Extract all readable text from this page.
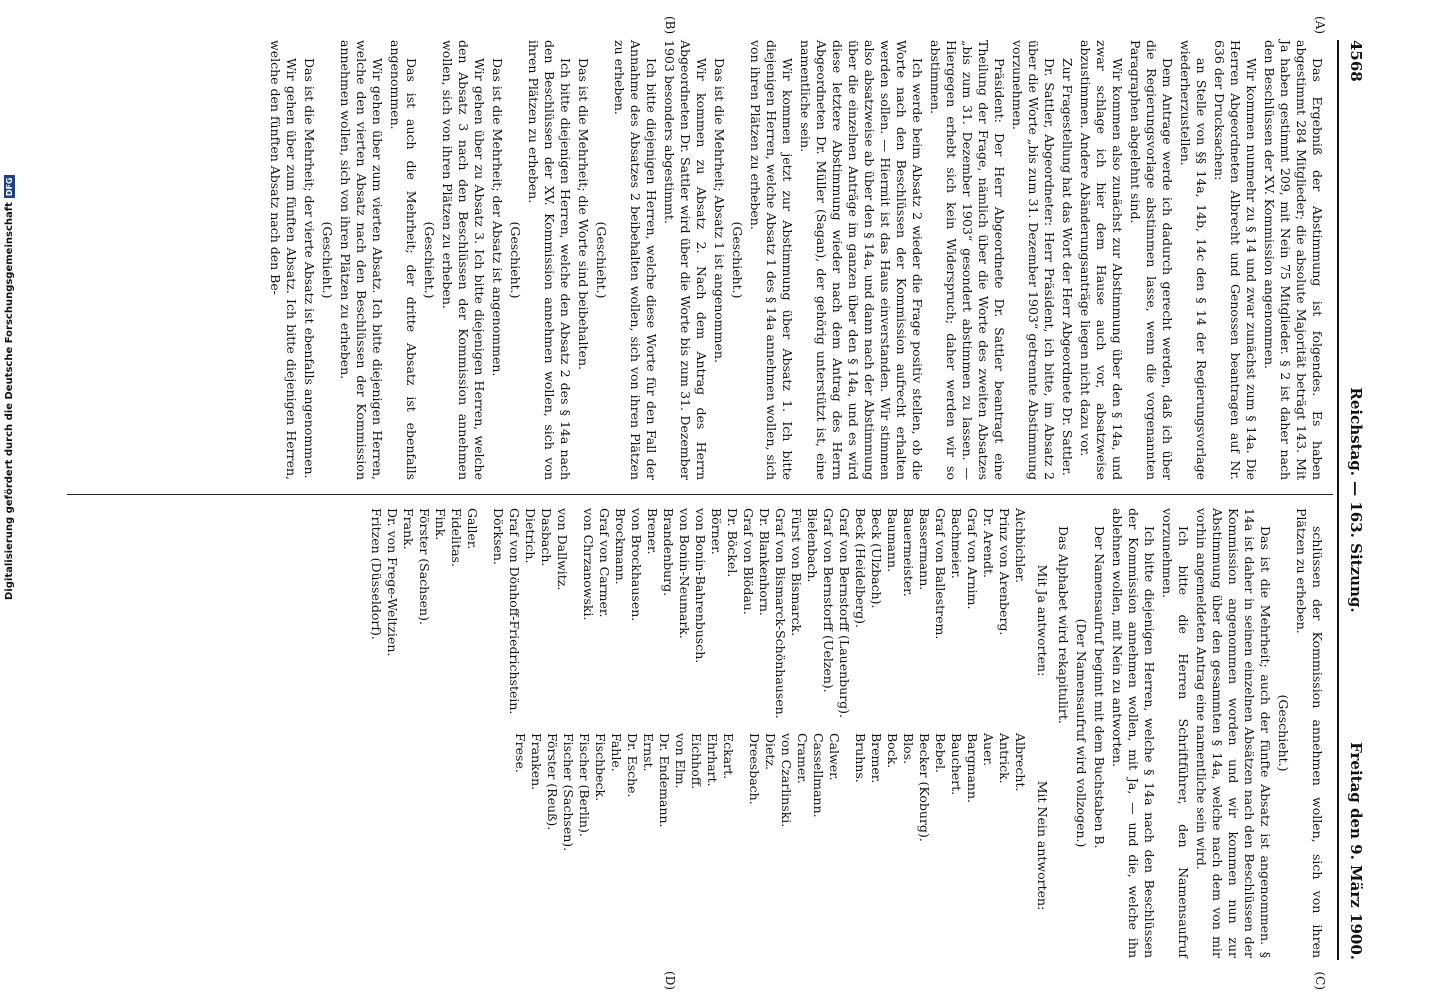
4568
Reichstag. — 163. Sitzung.
Freitag den 9. März 1900.
(A)
(B)
(C)
(D)
Das Ergebniß der Abstimmung ist folgendes. Es haben abgestimmt 284 Mitglieder; die absolute Majorität beträgt 143. Mit Ja haben gestimmt 209, mit Nein 75 Mitglieder. § 2 ist daher nach den Beschlüssen der XV. Kommission angenommen.
Wir kommen nunmehr zu § 14 und zwar zunächst zum § 14a. Die Herren Abgeordneten Albrecht und Genossen beantragen auf Nr. 636 der Drucksachen:
an Stelle von §§ 14a, 14b, 14c den § 14 der Regierungsvorlage wiederherzustellen.
Dem Antrage werde ich dadurch gerecht werden, daß ich über die Regierungsvorlage abstimmen lasse, wenn die vorgenannten Paragraphen abgelehnt sind.
Wir kommen also zunächst zur Abstimmung über den § 14a, und zwar schlage ich hier dem Hause auch vor, absatzweise abzustimmen. Andere Abänderungsanträge liegen nicht dazu vor.
Zur Fragestellung hat das Wort der Herr Abgeordnete Dr. Sattler.
Dr. Sattler, Abgeordneter: Herr Präsident, ich bitte, im Absatz 2 über die Worte „bis zum 31. Dezember 1903“ getrennte Abstimmung vorzunehmen.
Präsident: Der Herr Abgeordnete Dr. Sattler beantragt eine Theilung der Frage, nämlich über die Worte des zweiten Absatzes „bis zum 31. Dezember 1903“ gesondert abstimmen zu lassen. — Hiergegen erhebt sich kein Widerspruch; daher werden wir so abstimmen.
Ich werde beim Absatz 2 wieder die Frage positiv stellen, ob die Worte nach den Beschlüssen der Kommission aufrecht erhalten werden sollen. — Hiermit ist das Haus einverstanden. Wir stimmen also absatzweise ab über den § 14a, und dann nach der Abstimmung über die einzelnen Anträge im ganzen über den § 14a, und es wird diese letztere Abstimmung wieder nach dem Antrag des Herrn Abgeordneten Dr. Müller (Sagan), der gehörig unterstützt ist, eine namentliche sein.
Wir kommen jetzt zur Abstimmung über Absatz 1. Ich bitte diejenigen Herren, welche Absatz 1 des § 14a annehmen wollen, sich von ihren Plätzen zu erheben.
(Geschieht.)
Das ist die Mehrheit; Absatz 1 ist angenommen.
Wir kommen zu Absatz 2. Nach dem Antrag des Herrn Abgeordneten Dr. Sattler wird über die Worte bis zum 31. Dezember 1903 besonders abgestimmt.
Ich bitte diejenigen Herren, welche diese Worte für den Fall der Annahme des Absatzes 2 beibehalten wollen, sich von ihren Plätzen zu erheben.
(Geschieht.)
Das ist die Mehrheit; die Worte sind beibehalten.
Ich bitte diejenigen Herren, welche den Absatz 2 des § 14a nach den Beschlüssen der XV. Kommission annehmen wollen, sich von ihren Plätzen zu erheben.
(Geschieht.)
Das ist die Mehrheit; der Absatz ist angenommen.
Wir gehen über zu Absatz 3. Ich bitte diejenigen Herren, welche den Absatz 3 nach den Beschlüssen der Kommission annehmen wollen, sich von ihren Plätzen zu erheben.
(Geschieht.)
Das ist auch die Mehrheit; der dritte Absatz ist ebenfalls angenommen.
Wir gehen über zum vierten Absatz. Ich bitte diejenigen Herren, welche den vierten Absatz nach den Beschlüssen der Kommission annehmen wollen, sich von ihren Plätzen zu erheben.
(Geschieht.)
Das ist die Mehrheit; der vierte Absatz ist ebenfalls angenommen.
Wir gehen über zum fünften Absatz. Ich bitte diejenigen Herren, welche den fünften Absatz nach den Be-
schlüssen der Kommission annehmen wollen, sich von ihren Plätzen zu erheben.
(Geschieht.)
Das ist die Mehrheit; auch der fünfte Absatz ist angenommen. § 14a ist daher in seinen einzelnen Absätzen nach den Beschlüssen der Kommission angenommen worden und wir kommen nun zur Abstimmung über den gesammten § 14a, welche nach dem von mir vorhin angemeldeten Antrag eine namentliche sein wird.
Ich bitte die Herren Schriftführer, den Namensaufruf vorzunehmen.
Ich bitte diejenigen Herren, welche § 14a nach den Beschlüssen der Kommission annehmen wollen, mit Ja, — und die, welche ihn ablehnen wollen, mit Nein zu antworten.
Der Namensaufruf beginnt mit dem Buchstaben B.
(Der Namensaufruf wird vollzogen.)
Das Alphabet wird rekapitulirt.
Mit Ja antworten:
Mit Nein antworten:
Aichbichler.
Prinz von Arenberg.
Dr. Arendt.
Graf von Arnim.
Bachmeier.
Graf von Ballestrem.
Bassermann.
Bauermeister.
Baumann.
Beck (Ulzbach).
Beck (Heidelberg).
Graf von Bernstorff (Lauenburg).
Graf von Bernstorff (Uelzen).
Bielenbach.
Fürst von Bismarck.
Graf von Bismarck-Schönhausen.
Dr. Blankenhorn.
Graf von Blödau.
Dr. Böckel.
Börner.
von Bonin-Bahrenbusch.
von Bonin-Neumark.
Brandenburg.
Brener.
von Brockhausen.
Brockmann.
Graf von Carmer.
von Chrzanowski.
von Dallwitz.
Dasbach.
Dietrich.
Graf von Dönhoff-Friedrichstein.
Dörksen.
Galler.
Fidelitas.
Fink.
Förster (Sachsen).
Frank.
Dr. von Frege-Weltzien.
Fritzen (Düsseldorf).
Albrecht.
Antrick.
Auer.
Bargmann.
Bauchert.
Bebel.
Becker (Koburg).
Blos.
Bock.
Bremer.
Bruhns.
Calwer.
Cassellmann.
Cramer.
von Czarlinski.
Dietz.
Dreesbach.
Eckart.
Ehrhart.
Eichhoff.
von Elm.
Dr. Endemann.
Ernst.
Dr. Esche.
Fahle.
Fischbeck.
Fischer (Berlin).
Fischer (Sachsen).
Förster (Reuß).
Franken.
Frese.
Digitalisierung gefördert durch die Deutsche ForschungsgemeinschaftDFG
